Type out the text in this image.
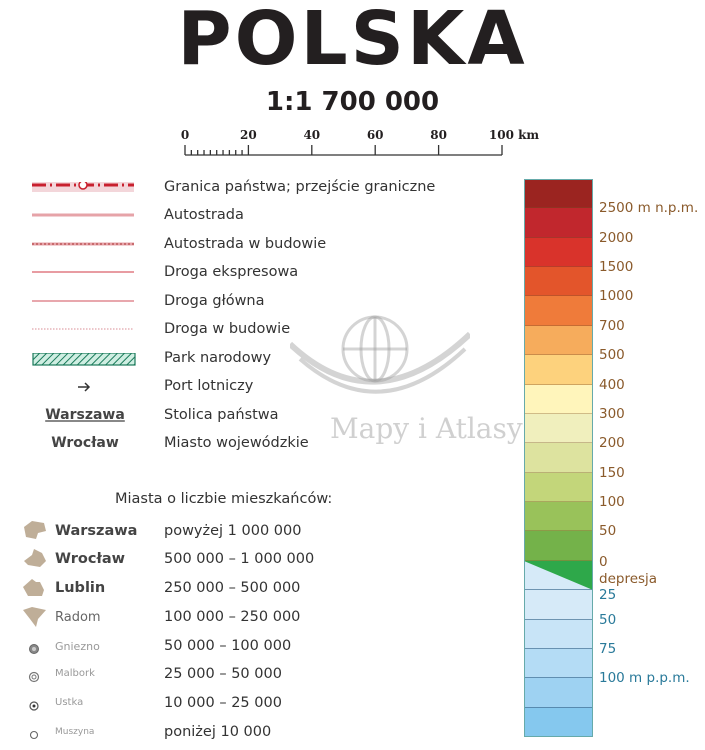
POLSKA
1:1 700 000
0	20	40	60	80	100 km
Mapy i Atlasy
Granica państwa; przejście graniczne
Autostrada
Autostrada w budowie
Droga ekspresowa
Droga główna
Droga w budowie
Park narodowy
Port lotniczy
Warszawa	Stolica państwa
Wrocław	Miasto wojewódzkie
Miasta o liczbie mieszkańców:
Warszawa powyżej 1 000 000
Wrocław	500 000 – 1 000 000
Lublin	250 000 – 500 000
Radom	100 000 – 250 000
Gniezno	50 000 – 100 000
Malbork	25 000 – 50 000
Ustka	10 000 – 25 000
Muszyna	poniżej 10 000
2500 m n.p.m.
2000
1500
1000
700
500
400
300
200
150
100
50
0
25
50
75
100 m p.p.m.
depresja
